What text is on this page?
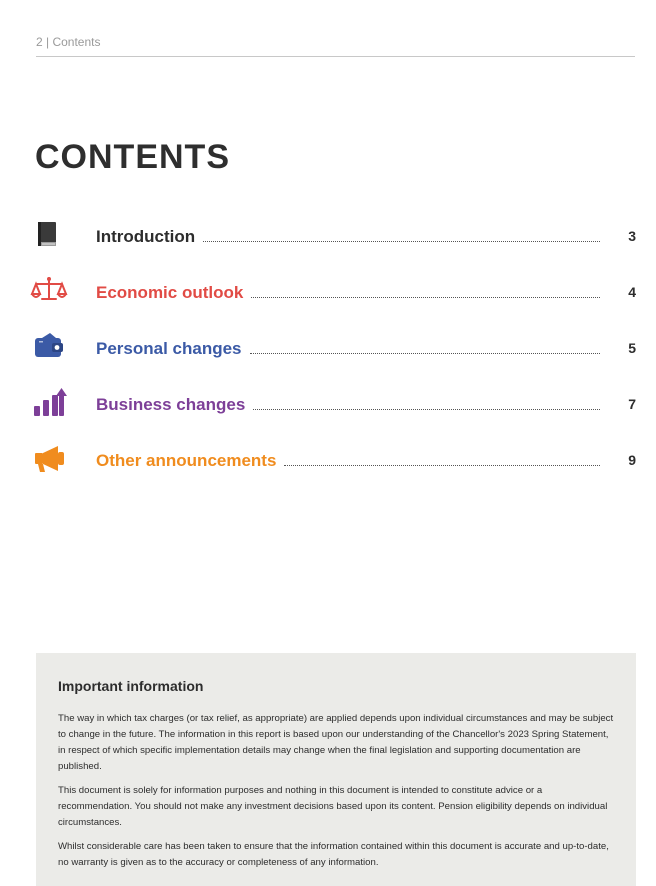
2 | Contents
CONTENTS
Introduction	3
Economic outlook	4
Personal changes	5
Business changes	7
Other announcements	9
Important information

The way in which tax charges (or tax relief, as appropriate) are applied depends upon individual circumstances and may be subject to change in the future. The information in this report is based upon our understanding of the Chancellor's 2023 Spring Statement, in respect of which specific implementation details may change when the final legislation and supporting documentation are published.

This document is solely for information purposes and nothing in this document is intended to constitute advice or a recommendation. You should not make any investment decisions based upon its content. Pension eligibility depends on individual circumstances.

Whilst considerable care has been taken to ensure that the information contained within this document is accurate and up-to-date, no warranty is given as to the accuracy or completeness of any information.
